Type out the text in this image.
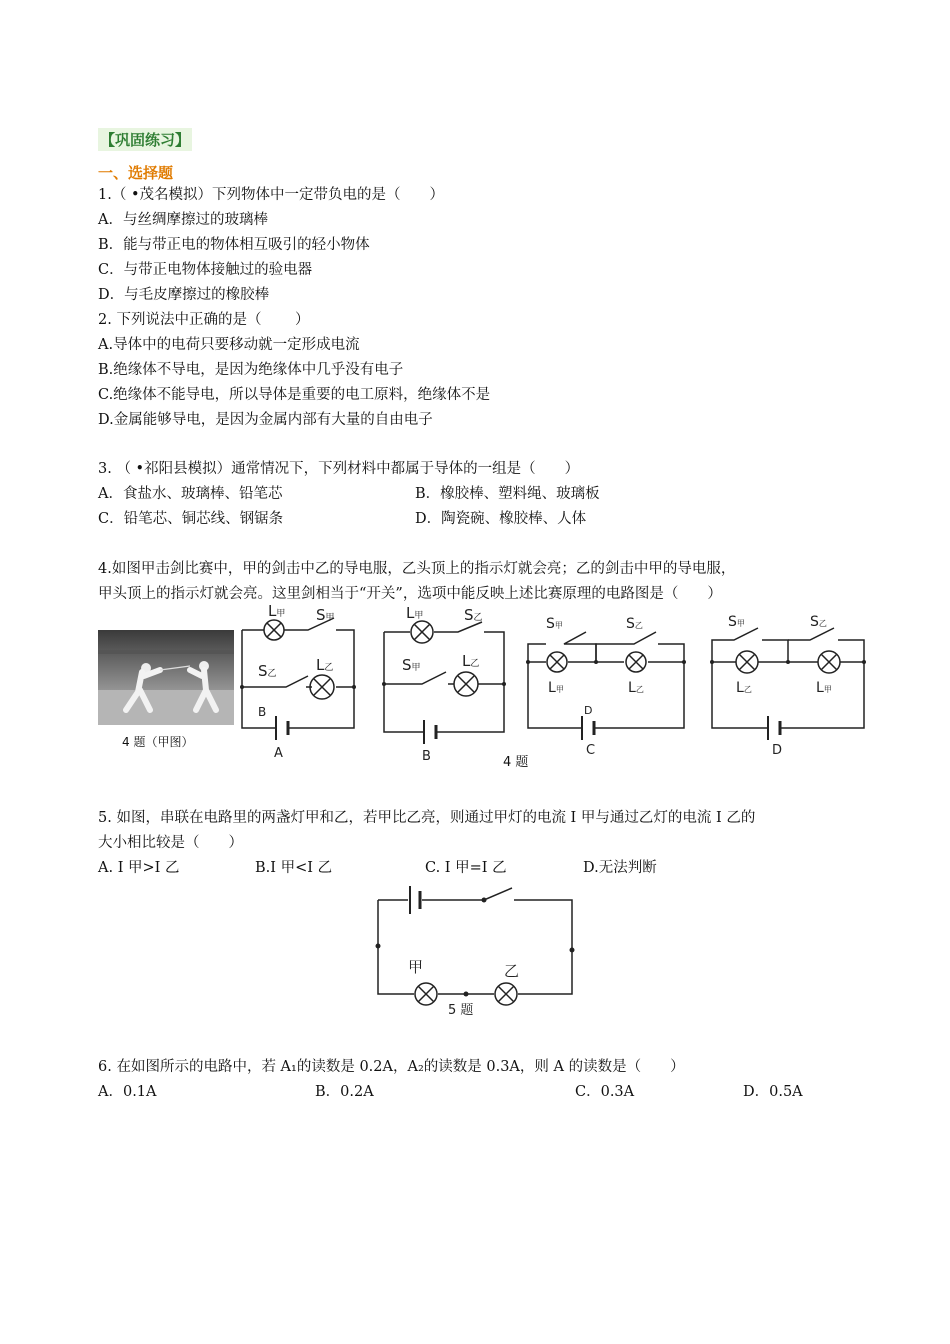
【巩固练习】
一、选择题
1.（ •茂名模拟）下列物体中一定带负电的是（　　）
A．与丝绸摩擦过的玻璃棒
B．能与带正电的物体相互吸引的轻小物体
C．与带正电物体接触过的验电器
D．与毛皮摩擦过的橡胶棒
2. 下列说法中正确的是（　　 ）
A.导体中的电荷只要移动就一定形成电流
B.绝缘体不导电，是因为绝缘体中几乎没有电子
C.绝缘体不能导电，所以导体是重要的电工原料，绝缘体不是
D.金属能够导电，是因为金属内部有大量的自由电子
3. （ •祁阳县模拟）通常情况下，下列材料中都属于导体的一组是（　　）
A．食盐水、玻璃棒、铅笔芯	B．橡胶棒、塑料绳、玻璃板
C．铅笔芯、铜芯线、钢锯条	D．陶瓷碗、橡胶棒、人体
4.如图甲击剑比赛中，甲的剑击中乙的导电服，乙头顶上的指示灯就会亮；乙的剑击中甲的导电服，
甲头顶上的指示灯就会亮。这里剑相当于“开关”，选项中能反映上述比赛原理的电路图是（　　）
4 题（甲图）
L甲 S甲
S乙	L乙
B
A
L甲	S乙
S甲	L乙
B	4 题
S甲	S乙
L甲	L乙
D
C
S甲	S乙
L乙	L甲
D
5. 如图，串联在电路里的两盏灯甲和乙，若甲比乙亮，则通过甲灯的电流 I 甲与通过乙灯的电流 I 乙的
大小相比较是（　　）
A. I 甲>I 乙	B.I 甲<I 乙	C. I 甲=I 乙	D.无法判断
甲	乙
5 题
6. 在如图所示的电路中，若 A₁的读数是 0.2A，A₂的读数是 0.3A，则 A 的读数是（　　）
A．0.1A	B．0.2A	C．0.3A	D．0.5A
